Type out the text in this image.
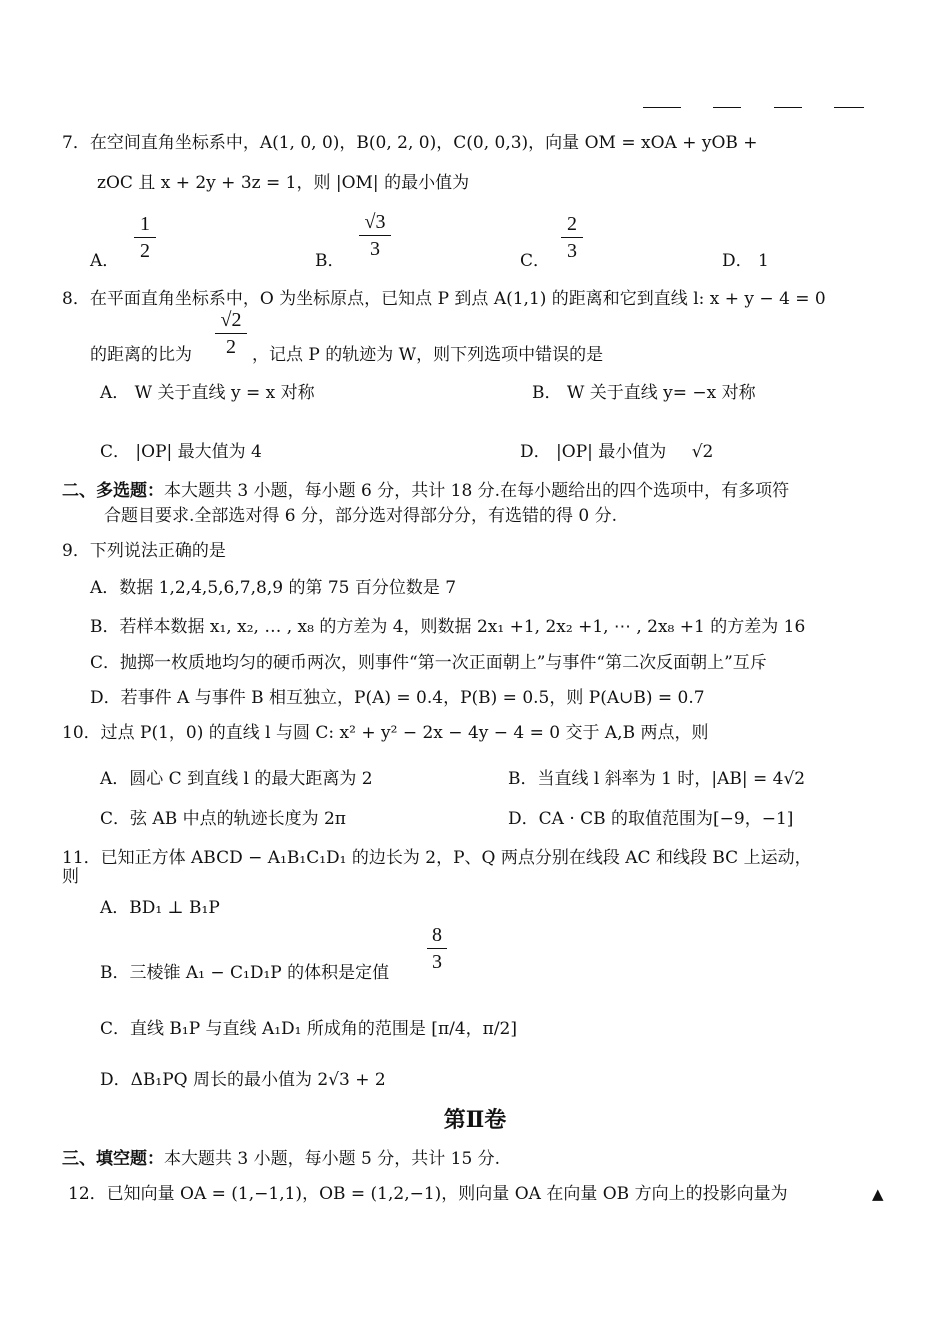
7．在空间直角坐标系中，A(1, 0, 0)，B(0, 2, 0)，C(0, 0,3)，向量 OM = xOA + yOB +
zOC 且 x + 2y + 3z = 1，则 |OM| 的最小值为
A．
1
2	B．
√3
3
C．
2
3	D． 1
8．在平面直角坐标系中，O 为坐标原点，已知点 P 到点 A(1,1) 的距离和它到直线 l: x + y − 4 = 0
的距离的比为
√2
2 ，记点 P 的轨迹为 W，则下列选项中错误的是
A． W 关于直线 y = x 对称	B． W 关于直线 y= −x 对称
C． |OP| 最大值为 4	D． |OP| 最小值为 √2
二、多选题：本大题共 3 小题，每小题 6 分，共计 18 分.在每小题给出的四个选项中，有多项符
合题目要求.全部选对得 6 分，部分选对得部分分，有选错的得 0 分.
9．下列说法正确的是
A．数据 1,2,4,5,6,7,8,9 的第 75 百分位数是 7
B．若样本数据 x₁, x₂, … , x₈ 的方差为 4，则数据 2x₁ +1, 2x₂ +1, ⋯ , 2x₈ +1 的方差为 16
C．抛掷一枚质地均匀的硬币两次，则事件“第一次正面朝上”与事件“第二次反面朝上”互斥
D．若事件 A 与事件 B 相互独立，P(A) = 0.4，P(B) = 0.5，则 P(A∪B) = 0.7
10．过点 P(1，0) 的直线 l 与圆 C: x² + y² − 2x − 4y − 4 = 0 交于 A,B 两点，则
A．圆心 C 到直线 l 的最大距离为 2	B．当直线 l 斜率为 1 时，|AB| = 4√2
C．弦 AB 中点的轨迹长度为 2π	D．CA · CB 的取值范围为[−9，−1]
11．已知正方体 ABCD − A₁B₁C₁D₁ 的边长为 2，P、Q 两点分别在线段 AC 和线段 BC 上运动，
则
A．BD₁ ⊥ B₁P
B．三棱锥 A₁ − C₁D₁P 的体积是定值
8
3
C．直线 B₁P 与直线 A₁D₁ 所成角的范围是 [π/4，π/2]
D．ΔB₁PQ 周长的最小值为 2√3 + 2
第Ⅱ卷
三、填空题：本大题共 3 小题，每小题 5 分，共计 15 分.
12．已知向量 OA = (1,−1,1)，OB = (1,2,−1)，则向量 OA 在向量 OB 方向上的投影向量为	▲
